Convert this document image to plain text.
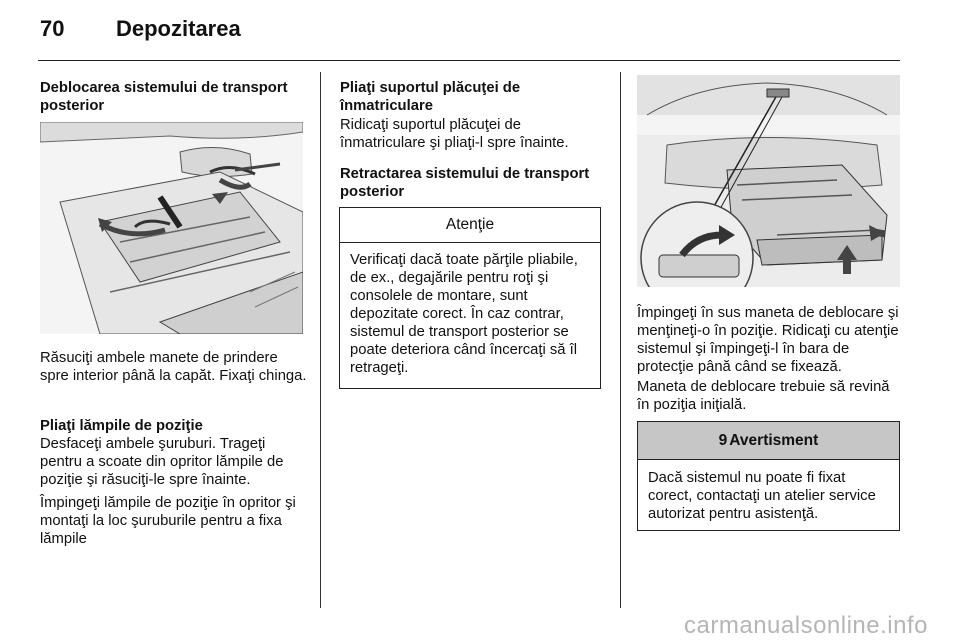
70 Depozitarea
Deblocarea sistemului de transport posterior
Răsuciţi ambele manete de prindere spre interior până la capăt. Fixaţi chinga.
Pliaţi lămpile de poziţie
Desfaceţi ambele şuruburi. Trageţi pentru a scoate din opritor lămpile de poziţie şi răsuciţi-le spre înainte.
Împingeţi lămpile de poziţie în opritor şi montaţi la loc şuruburile pentru a fixa lămpile
Pliaţi suportul plăcuţei de înmatriculare
Ridicaţi suportul plăcuţei de înmatriculare şi pliaţi-l spre înainte.
Retractarea sistemului de transport posterior
Atenţie
Verificaţi dacă toate părţile pliabile, de ex., degajările pentru roţi şi consolele de montare, sunt depozitate corect. În caz contrar, sistemul de transport posterior se poate deteriora când încercaţi să îl retrageţi.
Împingeţi în sus maneta de deblocare şi menţineţi-o în poziţie. Ridicaţi cu atenţie sistemul şi împingeţi-l în bara de protecţie până când se fixează.
Maneta de deblocare trebuie să revină în poziţia iniţială.
9 Avertisment
Dacă sistemul nu poate fi fixat corect, contactaţi un atelier service autorizat pentru asistenţă.
carmanualsonline.info
